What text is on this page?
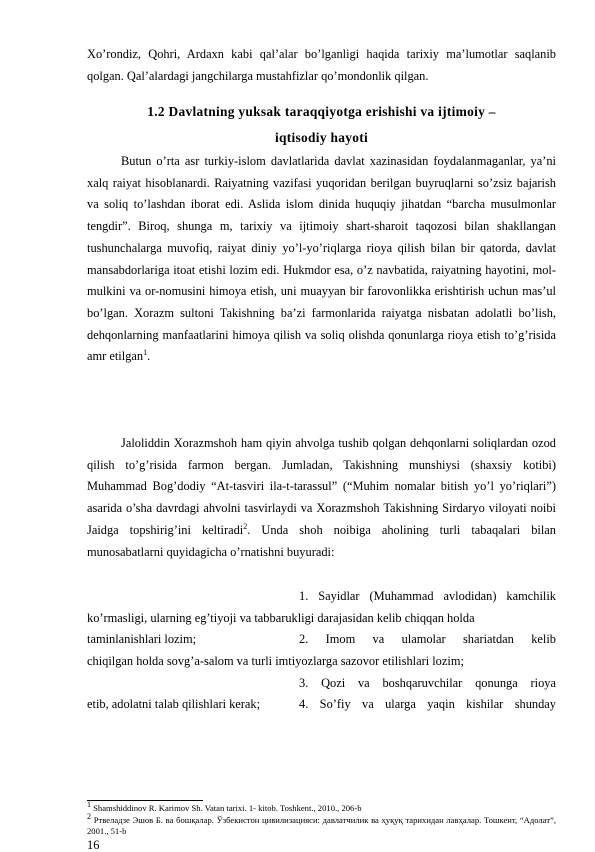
Xo’rondiz, Qohri, Ardaxn kabi qal’alar bo’lganligi haqida tarixiy ma’lumotlar saqlanib qolgan. Qal’alardagi jangchilarga mustahfizlar qo’mondonlik qilgan.
1.2 Davlatning yuksak taraqqiyotga erishishi va ijtimoiy –
iqtisodiy hayoti
Butun o’rta asr turkiy-islom davlatlarida davlat xazinasidan foydalanmaganlar, ya’ni xalq raiyat hisoblanardi. Raiyatning vazifasi yuqoridan berilgan buyruqlarni so’zsiz bajarish va soliq to’lashdan iborat edi. Aslida islom dinida huquqiy jihatdan “barcha musulmonlar tengdir”. Biroq, shunga m, tarixiy va ijtimoiy shart-sharoit taqozosi bilan shakllangan tushunchalarga muvofiq, raiyat diniy yo’l-yo’riqlarga rioya qilish bilan bir qatorda, davlat mansabdorlariga itoat etishi lozim edi. Hukmdor esa, o’z navbatida, raiyatning hayotini, mol-mulkini va or-nomusini himoya etish, uni muayyan bir farovonlikka erishtirish uchun mas’ul bo’lgan. Xorazm sultoni Takishning ba’zi farmonlarida raiyatga nisbatan adolatli bo’lish, dehqonlarning manfaatlarini himoya qilish va soliq olishda qonunlarga rioya etish to’g’risida amr etilgan$^1$.
Jaloliddin Xorazmshoh ham qiyin ahvolga tushib qolgan dehqonlarni soliqlardan ozod qilish to’g’risida farmon bergan. Jumladan, Takishning munshiysi (shaxsiy kotibi) Muhammad Bog’dodiy “At-tasviri ila-t-tarassul” (“Muhim nomalar bitish yo’l yo’riqlari”) asarida o’sha davrdagi ahvolni tasvirlaydi va Xorazmshoh Takishning Sirdaryo viloyati noibi Jaidga topshirig’ini keltiradi$^2$. Unda shoh noibiga aholining turli tabaqalari bilan munosabatlarni quyidagicha o’rnatishni buyuradi:
1. Sayidlar (Muhammad avlodidan) kamchilik
ko’rmasligi, ularning eg’tiyoji va tabbarukligi darajasidan kelib chiqqan holda
taminlanishlari lozim;	2. Imom va ulamolar shariatdan kelib
chiqilgan holda sovg’a-salom va turli imtiyozlarga sazovor etilishlari lozim;
3. Qozi va boshqaruvchilar qonunga rioya
etib, adolatni talab qilishlari kerak;	4. So’fiy va ularga yaqin kishilar shunday
$^1$ Shamshiddinov R. Karimov Sh. Vatan tarixi. 1- kitob. Toshkent., 2010., 206-b
$^2$ Ртвеладзе Эшов Б. ва бошқалар. Ўзбекистон цивилизацияси: давлатчилик ва ҳуқуқ тарихидан лавҳалар. Тошкент, “Адолат”, 2001., 51-b
16
